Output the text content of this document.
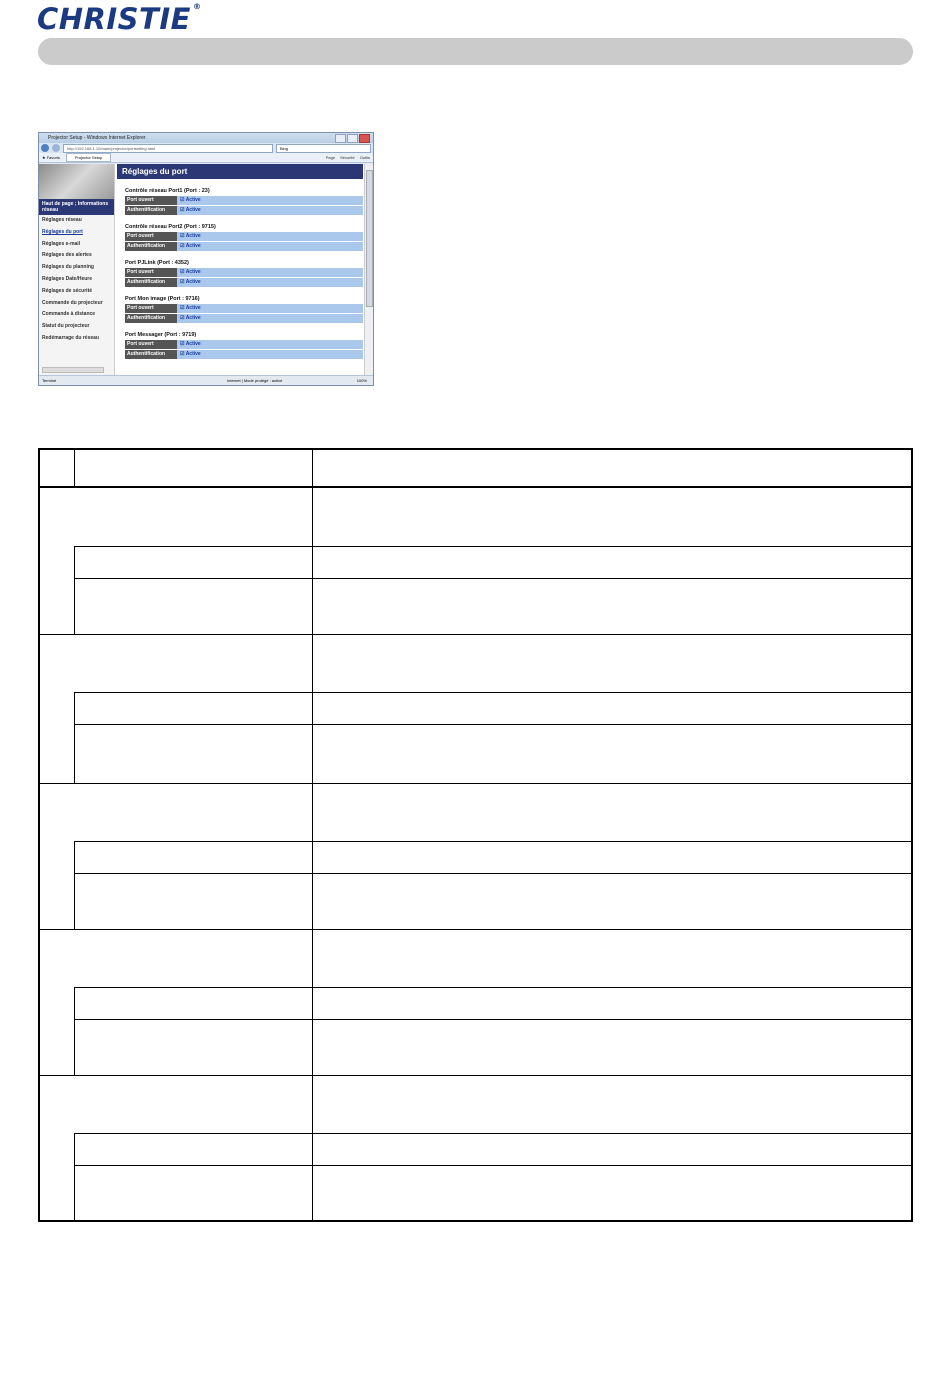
CHRISTIE ®
Projector Setup - Windows Internet Explorer
http://192.168.1.10/main/projector/portsetting.html	Bing
★ Favoris	Projector Setup	Page Sécurité Outils
Haut de page ; Informations réseau
Réglages réseau
Réglages du port
Réglages e-mail
Réglages des alertes
Réglages du planning
Réglages Date/Heure
Réglages de sécurité
Commande du projecteur
Commande à distance
Statut du projecteur
Redémarrage du réseau
Réglages du port
Contrôle réseau Port1 (Port : 23)
Port ouvert	☑ Active
Authentification	☑ Active
Contrôle réseau Port2 (Port : 9715)
Port ouvert	☑ Active
Authentification	☑ Active
Port PJLink (Port : 4352)
Port ouvert	☑ Active
Authentification	☑ Active
Port Mon image (Port : 9716)
Port ouvert	☑ Active
Authentification	☑ Active
Port Messager (Port : 9719)
Port ouvert	☑ Active
Authentification	☑ Active
Terminé	Internet | Mode protégé : activé	100%
